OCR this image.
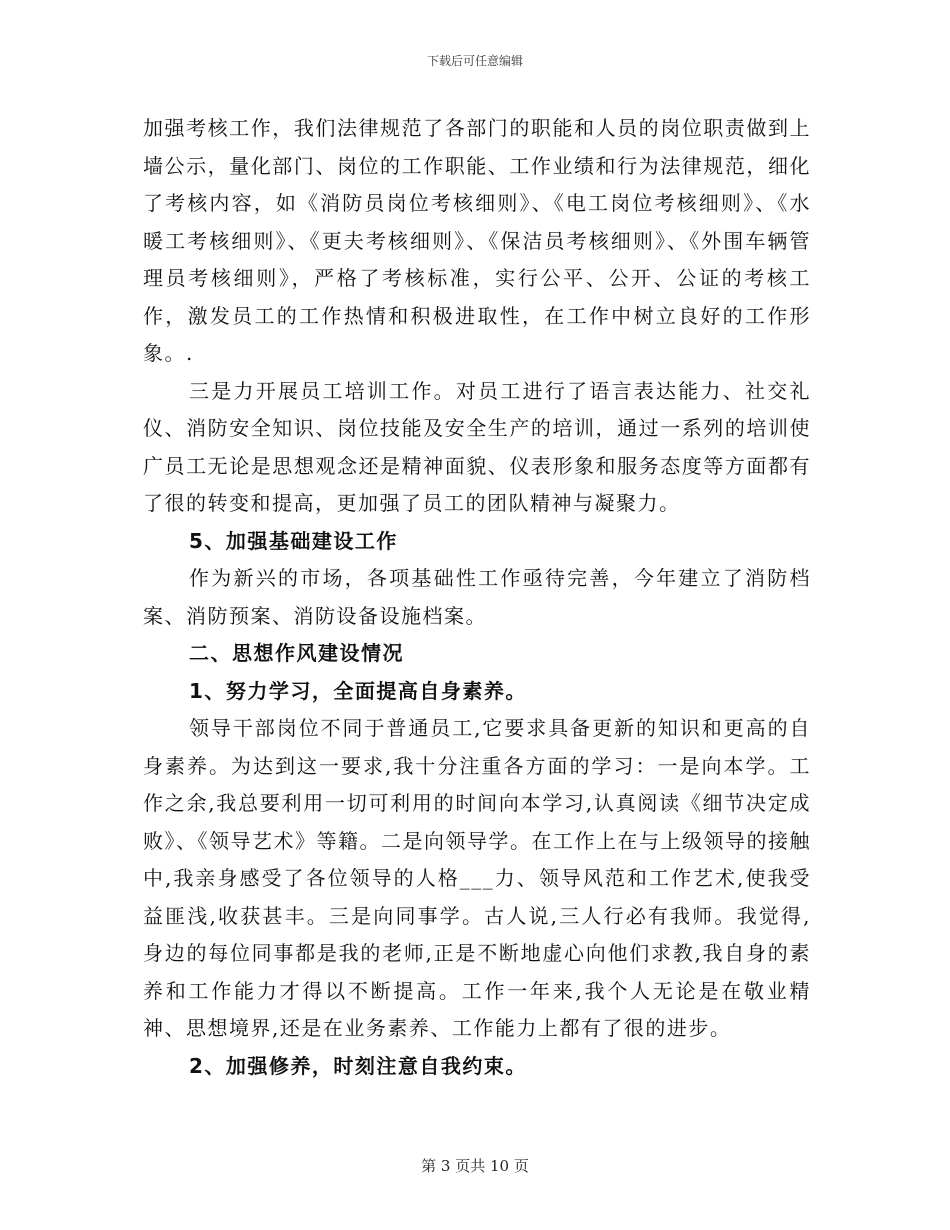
下载后可任意编辑

加强考核工作，我们法律规范了各部门的职能和人员的岗位职责做到上墙公示，量化部门、岗位的工作职能、工作业绩和行为法律规范，细化了考核内容，如《消防员岗位考核细则》、《电工岗位考核细则》、《水暖工考核细则》、《更夫考核细则》、《保洁员考核细则》、《外围车辆管理员考核细则》，严格了考核标准，实行公平、公开、公证的考核工作，激发员工的工作热情和积极进取性，在工作中树立良好的工作形象。.

三是力开展员工培训工作。对员工进行了语言表达能力、社交礼仪、消防安全知识、岗位技能及安全生产的培训，通过一系列的培训使广员工无论是思想观念还是精神面貌、仪表形象和服务态度等方面都有了很的转变和提高，更加强了员工的团队精神与凝聚力。

5、加强基础建设工作

作为新兴的市场，各项基础性工作亟待完善，今年建立了消防档案、消防预案、消防设备设施档案。

二、思想作风建设情况

1、努力学习，全面提高自身素养。

领导干部岗位不同于普通员工,它要求具备更新的知识和更高的自身素养。为达到这一要求,我十分注重各方面的学习：一是向本学。工作之余,我总要利用一切可利用的时间向本学习,认真阅读《细节决定成败》、《领导艺术》等籍。二是向领导学。在工作上在与上级领导的接触中,我亲身感受了各位领导的人格___力、领导风范和工作艺术,使我受益匪浅,收获甚丰。三是向同事学。古人说,三人行必有我师。我觉得,身边的每位同事都是我的老师,正是不断地虚心向他们求教,我自身的素养和工作能力才得以不断提高。工作一年来,我个人无论是在敬业精神、思想境界,还是在业务素养、工作能力上都有了很的进步。

2、加强修养，时刻注意自我约束。

第 3 页共 10 页
